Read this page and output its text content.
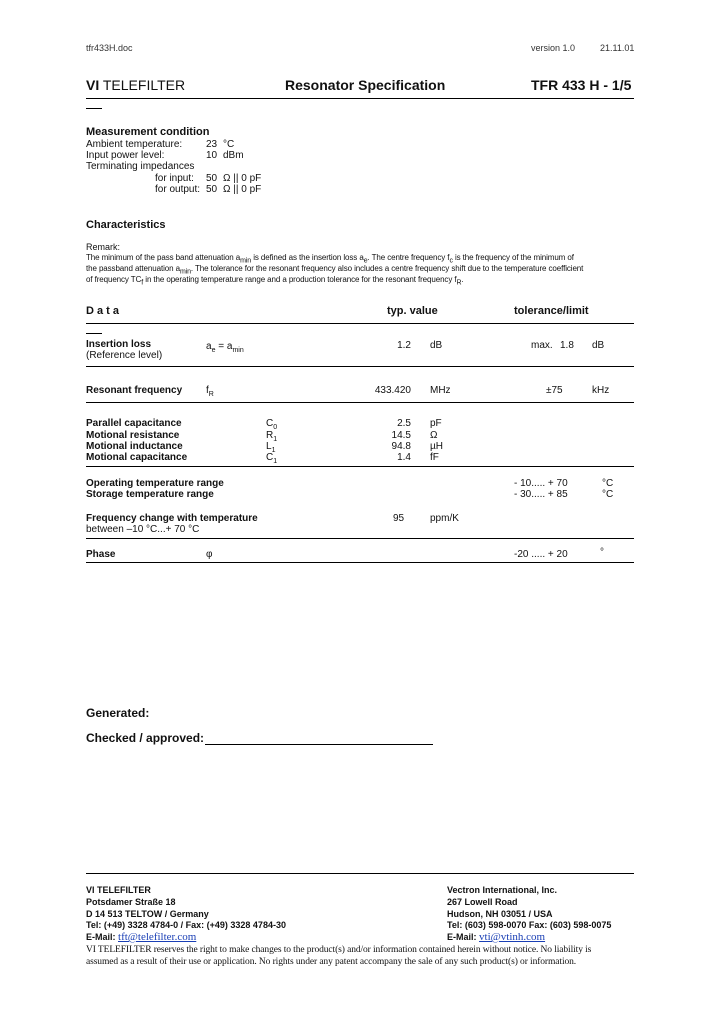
tfr433H.doc	version 1.0	21.11.01
VI TELEFILTER	Resonator Specification	TFR 433 H - 1/5
Measurement condition
Ambient temperature: 23 °C
Input power level:	10 dBm
Terminating impedances
for input: 50 Ω || 0 pF
for output: 50 Ω || 0 pF
Characteristics
Remark:
The minimum of the pass band attenuation $a_{min}$ is defined as the insertion loss $a_e$. The centre frequency $f_c$ is the frequency of the minimum of
the passband attenuation $a_{min}$. The tolerance for the resonant frequency also includes a centre frequency shift due to the temperature coefficient
of frequency $TC_f$ in the operating temperature range and a production tolerance for the resonant frequency $f_R$.
D a t a	typ. value	tolerance/limit
Insertion loss
(Reference level)
$a_e = a_{min}$	1.2 dB	max. 1.8 dB
Resonant frequency $f_R$	433.420 MHz	±75	kHz
Parallel capacitance	$C_0$	2.5 pF
Motional resistance	$R_1$	14.5 Ω
Motional inductance	$L_1$	94.8 µH
Motional capacitance	$C_1$	1.4 fF
Operating temperature range	- 10..... + 70	°C
Storage temperature range	- 30..... + 85	°C
Frequency change with temperature
between –10 °C...+ 70 °C
95	ppm/K
Phase	φ	-20 ..... + 20	°
Generated:
Checked / approved:
VI TELEFILTER
Potsdamer Straße 18
D 14 513 TELTOW / Germany
Tel: (+49) 3328 4784-0 / Fax: (+49) 3328 4784-30
E-Mail: tft@telefilter.com
Vectron International, Inc.
267 Lowell Road
Hudson, NH 03051 / USA
Tel: (603) 598-0070 Fax: (603) 598-0075
E-Mail: vti@vtinh.com
VI TELEFILTER reserves the right to make changes to the product(s) and/or information contained herein without notice. No liability is
assumed as a result of their use or application. No rights under any patent accompany the sale of any such product(s) or information.
